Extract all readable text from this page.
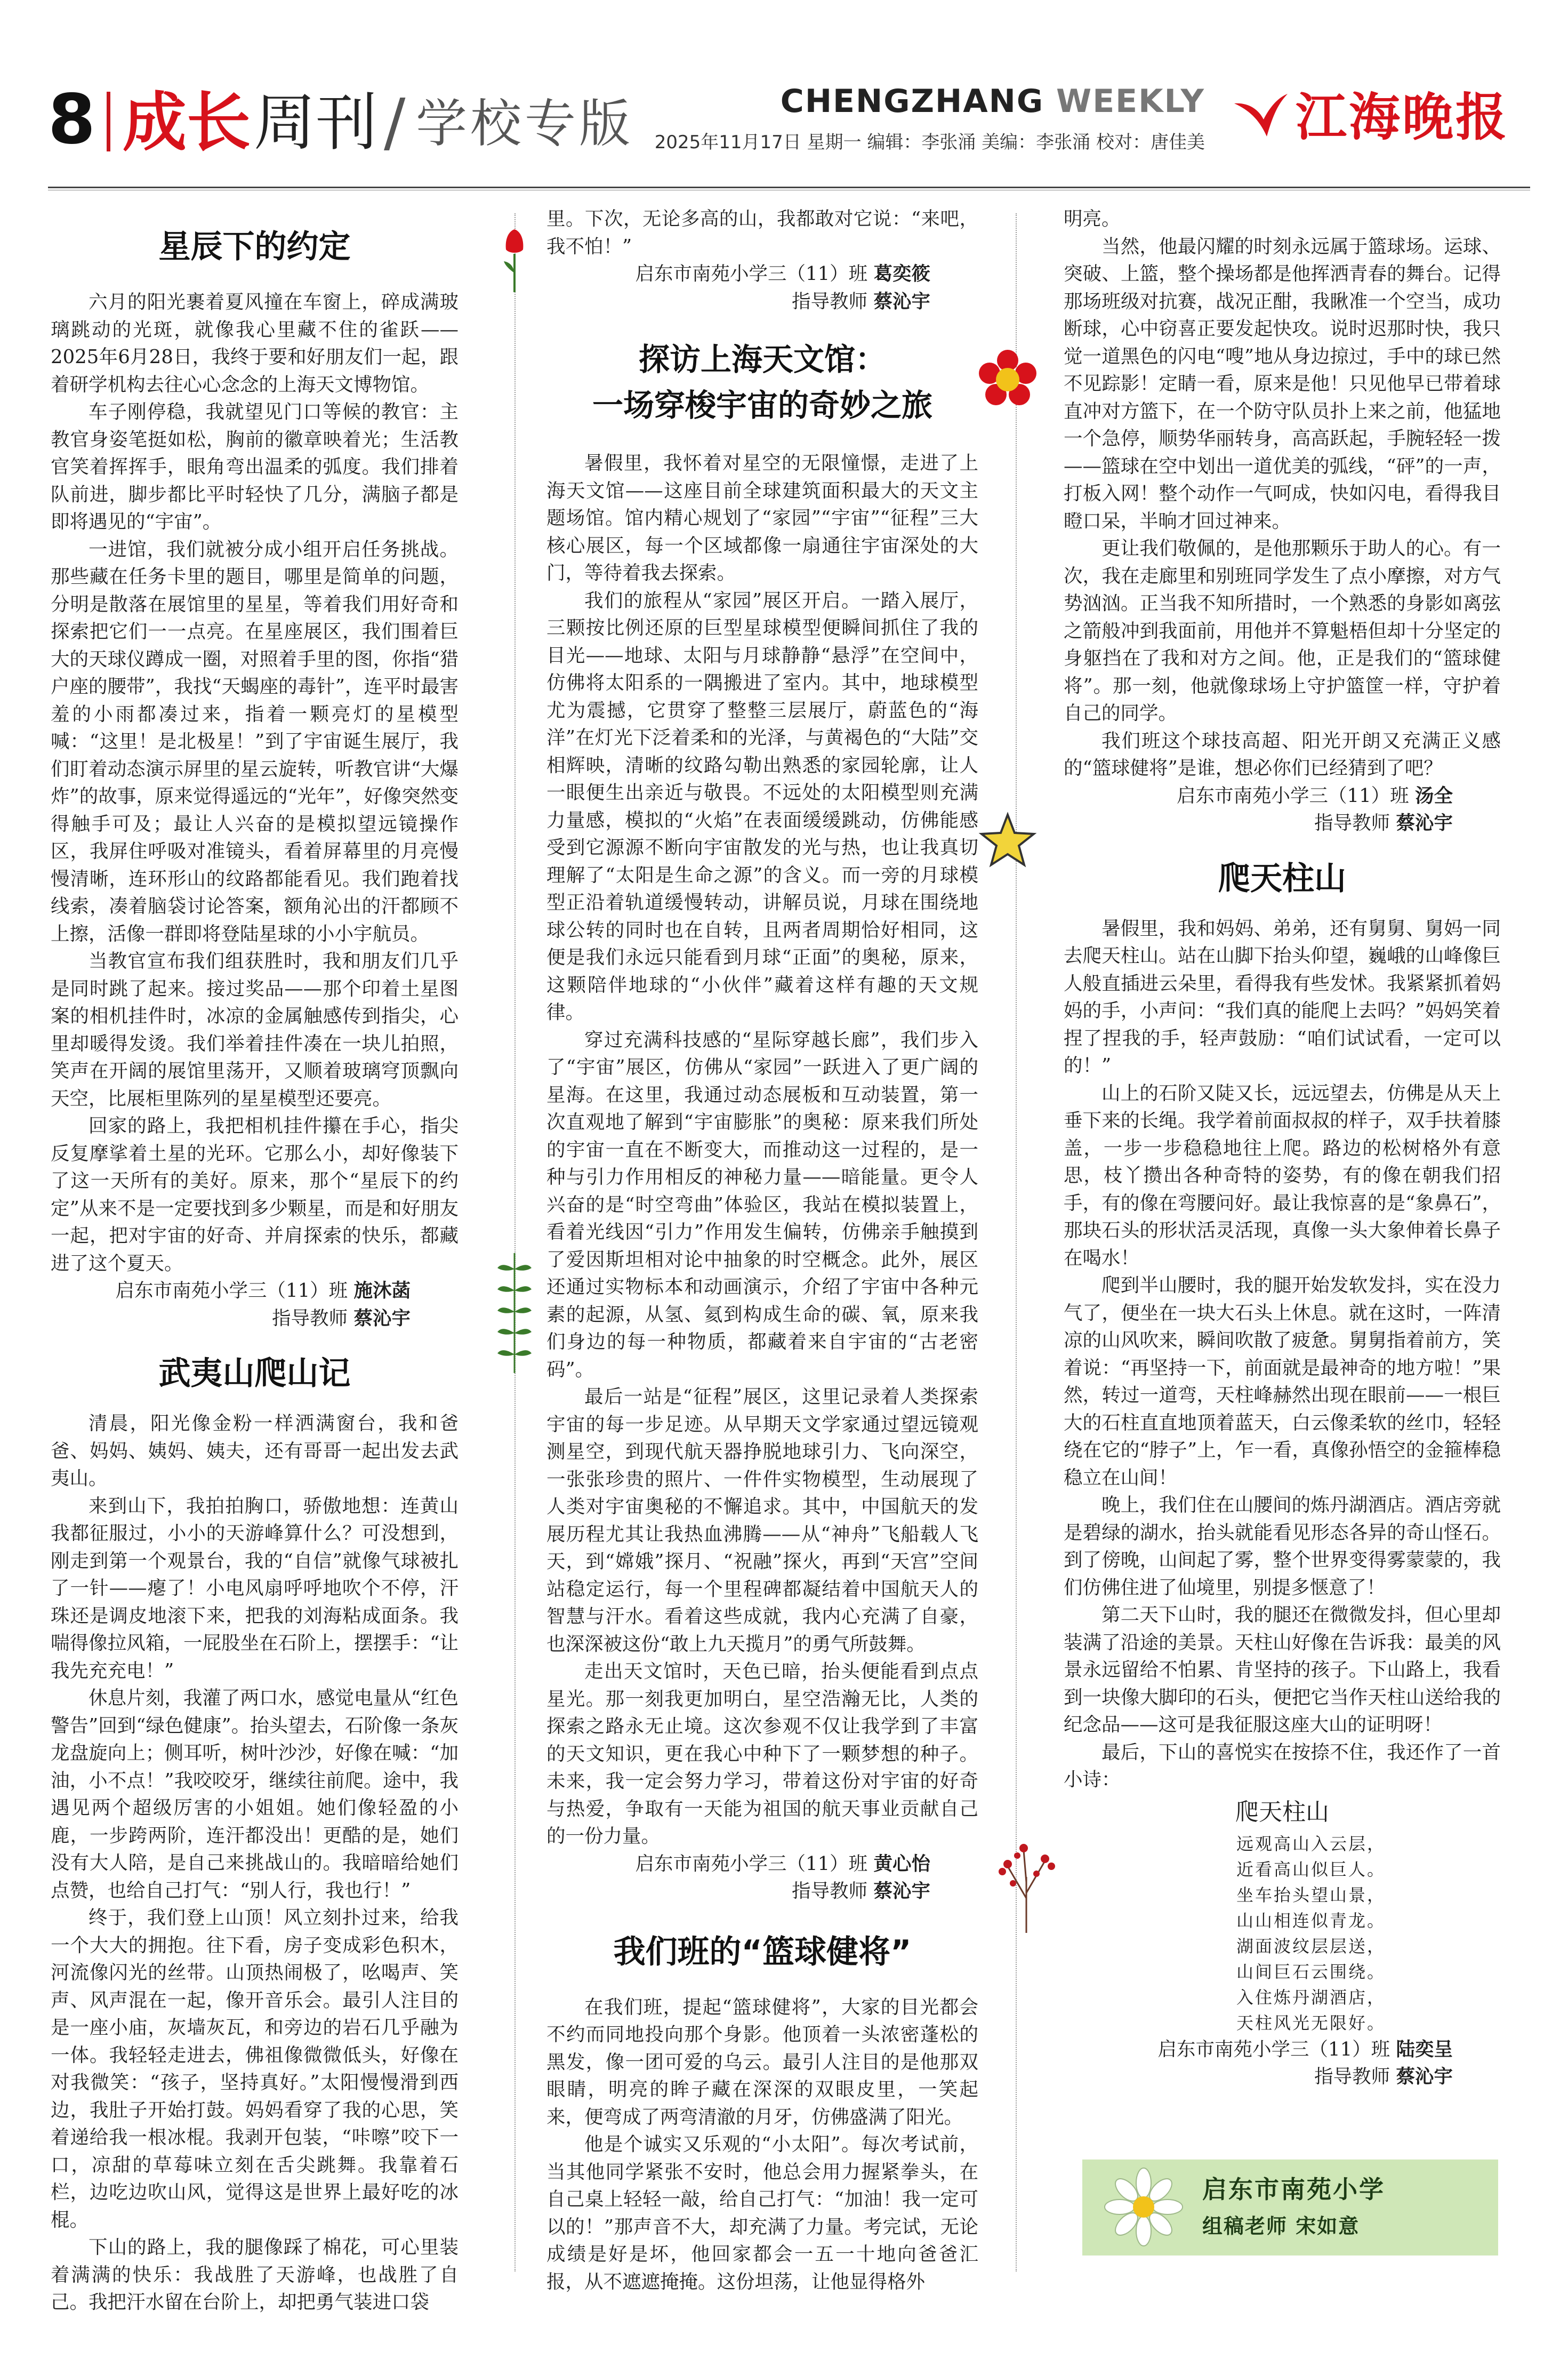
8 成长 周刊 / 学校专版	CHENGZHANG WEEKLY
2025年11月17日 星期一 编辑：李张涌 美编：李张涌 校对：唐佳美 江海晚报
星辰下的约定

六月的阳光裹着夏风撞在车窗上，碎成满玻璃跳动的光斑，就像我心里藏不住的雀跃——2025年6月28日，我终于要和好朋友们一起，跟着研学机构去往心心念念的上海天文博物馆。

车子刚停稳，我就望见门口等候的教官：主教官身姿笔挺如松，胸前的徽章映着光；生活教官笑着挥挥手，眼角弯出温柔的弧度。我们排着队前进，脚步都比平时轻快了几分，满脑子都是即将遇见的“宇宙”。

一进馆，我们就被分成小组开启任务挑战。那些藏在任务卡里的题目，哪里是简单的问题，分明是散落在展馆里的星星，等着我们用好奇和探索把它们一一点亮。在星座展区，我们围着巨大的天球仪蹲成一圈，对照着手里的图，你指“猎户座的腰带”，我找“天蝎座的毒针”，连平时最害羞的小雨都凑过来，指着一颗亮灯的星模型喊：“这里！是北极星！”到了宇宙诞生展厅，我们盯着动态演示屏里的星云旋转，听教官讲“大爆炸”的故事，原来觉得遥远的“光年”，好像突然变得触手可及；最让人兴奋的是模拟望远镜操作区，我屏住呼吸对准镜头，看着屏幕里的月亮慢慢清晰，连环形山的纹路都能看见。我们跑着找线索，凑着脑袋讨论答案，额角沁出的汗都顾不上擦，活像一群即将登陆星球的小小宇航员。

当教官宣布我们组获胜时，我和朋友们几乎是同时跳了起来。接过奖品——那个印着土星图案的相机挂件时，冰凉的金属触感传到指尖，心里却暖得发烫。我们举着挂件凑在一块儿拍照，笑声在开阔的展馆里荡开，又顺着玻璃穹顶飘向天空，比展柜里陈列的星星模型还要亮。

回家的路上，我把相机挂件攥在手心，指尖反复摩挲着土星的光环。它那么小，却好像装下了这一天所有的美好。原来，那个“星辰下的约定”从来不是一定要找到多少颗星，而是和好朋友一起，把对宇宙的好奇、并肩探索的快乐，都藏进了这个夏天。

启东市南苑小学三（11）班 施沐菡
指导教师 蔡沁宇
武夷山爬山记

清晨，阳光像金粉一样洒满窗台，我和爸爸、妈妈、姨妈、姨夫，还有哥哥一起出发去武夷山。

来到山下，我拍拍胸口，骄傲地想：连黄山我都征服过，小小的天游峰算什么？可没想到，刚走到第一个观景台，我的“自信”就像气球被扎了一针——瘪了！小电风扇呼呼地吹个不停，汗珠还是调皮地滚下来，把我的刘海粘成面条。我喘得像拉风箱，一屁股坐在石阶上，摆摆手：“让我先充充电！”

休息片刻，我灌了两口水，感觉电量从“红色警告”回到“绿色健康”。抬头望去，石阶像一条灰龙盘旋向上；侧耳听，树叶沙沙，好像在喊：“加油，小不点！”我咬咬牙，继续往前爬。途中，我遇见两个超级厉害的小姐姐。她们像轻盈的小鹿，一步跨两阶，连汗都没出！更酷的是，她们没有大人陪，是自己来挑战山的。我暗暗给她们点赞，也给自己打气：“别人行，我也行！”

终于，我们登上山顶！风立刻扑过来，给我一个大大的拥抱。往下看，房子变成彩色积木，河流像闪光的丝带。山顶热闹极了，吆喝声、笑声、风声混在一起，像开音乐会。最引人注目的是一座小庙，灰墙灰瓦，和旁边的岩石几乎融为一体。我轻轻走进去，佛祖像微微低头，好像在对我微笑：“孩子，坚持真好。”太阳慢慢滑到西边，我肚子开始打鼓。妈妈看穿了我的心思，笑着递给我一根冰棍。我剥开包装，“咔嚓”咬下一口，凉甜的草莓味立刻在舌尖跳舞。我靠着石栏，边吃边吹山风，觉得这是世界上最好吃的冰棍。

下山的路上，我的腿像踩了棉花，可心里装着满满的快乐：我战胜了天游峰，也战胜了自己。我把汗水留在台阶上，却把勇气装进口袋

里。下次，无论多高的山，我都敢对它说：“来吧，我不怕！”

启东市南苑小学三（11）班 葛奕筱
指导教师 蔡沁宇
探访上海天文馆：
一场穿梭宇宙的奇妙之旅

暑假里，我怀着对星空的无限憧憬，走进了上海天文馆——这座目前全球建筑面积最大的天文主题场馆。馆内精心规划了“家园”“宇宙”“征程”三大核心展区，每一个区域都像一扇通往宇宙深处的大门，等待着我去探索。

我们的旅程从“家园”展区开启。一踏入展厅，三颗按比例还原的巨型星球模型便瞬间抓住了我的目光——地球、太阳与月球静静“悬浮”在空间中，仿佛将太阳系的一隅搬进了室内。其中，地球模型尤为震撼，它贯穿了整整三层展厅，蔚蓝色的“海洋”在灯光下泛着柔和的光泽，与黄褐色的“大陆”交相辉映，清晰的纹路勾勒出熟悉的家园轮廓，让人一眼便生出亲近与敬畏。不远处的太阳模型则充满力量感，模拟的“火焰”在表面缓缓跳动，仿佛能感受到它源源不断向宇宙散发的光与热，也让我真切理解了“太阳是生命之源”的含义。而一旁的月球模型正沿着轨道缓慢转动，讲解员说，月球在围绕地球公转的同时也在自转，且两者周期恰好相同，这便是我们永远只能看到月球“正面”的奥秘，原来，这颗陪伴地球的“小伙伴”藏着这样有趣的天文规律。

穿过充满科技感的“星际穿越长廊”，我们步入了“宇宙”展区，仿佛从“家园”一跃进入了更广阔的星海。在这里，我通过动态展板和互动装置，第一次直观地了解到“宇宙膨胀”的奥秘：原来我们所处的宇宙一直在不断变大，而推动这一过程的，是一种与引力作用相反的神秘力量——暗能量。更令人兴奋的是“时空弯曲”体验区，我站在模拟装置上，看着光线因“引力”作用发生偏转，仿佛亲手触摸到了爱因斯坦相对论中抽象的时空概念。此外，展区还通过实物标本和动画演示，介绍了宇宙中各种元素的起源，从氢、氦到构成生命的碳、氧，原来我们身边的每一种物质，都藏着来自宇宙的“古老密码”。

最后一站是“征程”展区，这里记录着人类探索宇宙的每一步足迹。从早期天文学家通过望远镜观测星空，到现代航天器挣脱地球引力、飞向深空，一张张珍贵的照片、一件件实物模型，生动展现了人类对宇宙奥秘的不懈追求。其中，中国航天的发展历程尤其让我热血沸腾——从“神舟”飞船载人飞天，到“嫦娥”探月、“祝融”探火，再到“天宫”空间站稳定运行，每一个里程碑都凝结着中国航天人的智慧与汗水。看着这些成就，我内心充满了自豪，也深深被这份“敢上九天揽月”的勇气所鼓舞。

走出天文馆时，天色已暗，抬头便能看到点点星光。那一刻我更加明白，星空浩瀚无比，人类的探索之路永无止境。这次参观不仅让我学到了丰富的天文知识，更在我心中种下了一颗梦想的种子。未来，我一定会努力学习，带着这份对宇宙的好奇与热爱，争取有一天能为祖国的航天事业贡献自己的一份力量。

启东市南苑小学三（11）班 黄心怡
指导教师 蔡沁宇
我们班的“篮球健将”

在我们班，提起“篮球健将”，大家的目光都会不约而同地投向那个身影。他顶着一头浓密蓬松的黑发，像一团可爱的乌云。最引人注目的是他那双眼睛，明亮的眸子藏在深深的双眼皮里，一笑起来，便弯成了两弯清澈的月牙，仿佛盛满了阳光。

他是个诚实又乐观的“小太阳”。每次考试前，当其他同学紧张不安时，他总会用力握紧拳头，在自己桌上轻轻一敲，给自己打气：“加油！我一定可以的！”那声音不大，却充满了力量。考完试，无论成绩是好是坏，他回家都会一五一十地向爸爸汇报，从不遮遮掩掩。这份坦荡，让他显得格外

明亮。

当然，他最闪耀的时刻永远属于篮球场。运球、突破、上篮，整个操场都是他挥洒青春的舞台。记得那场班级对抗赛，战况正酣，我瞅准一个空当，成功断球，心中窃喜正要发起快攻。说时迟那时快，我只觉一道黑色的闪电“嗖”地从身边掠过，手中的球已然不见踪影！定睛一看，原来是他！只见他早已带着球直冲对方篮下，在一个防守队员扑上来之前，他猛地一个急停，顺势华丽转身，高高跃起，手腕轻轻一拨——篮球在空中划出一道优美的弧线，“砰”的一声，打板入网！整个动作一气呵成，快如闪电，看得我目瞪口呆，半晌才回过神来。

更让我们敬佩的，是他那颗乐于助人的心。有一次，我在走廊里和别班同学发生了点小摩擦，对方气势汹汹。正当我不知所措时，一个熟悉的身影如离弦之箭般冲到我面前，用他并不算魁梧但却十分坚定的身躯挡在了我和对方之间。他，正是我们的“篮球健将”。那一刻，他就像球场上守护篮筐一样，守护着自己的同学。

我们班这个球技高超、阳光开朗又充满正义感的“篮球健将”是谁，想必你们已经猜到了吧？

启东市南苑小学三（11）班 汤全
指导教师 蔡沁宇
爬天柱山

暑假里，我和妈妈、弟弟，还有舅舅、舅妈一同去爬天柱山。站在山脚下抬头仰望，巍峨的山峰像巨人般直插进云朵里，看得我有些发怵。我紧紧抓着妈妈的手，小声问：“我们真的能爬上去吗？”妈妈笑着捏了捏我的手，轻声鼓励：“咱们试试看，一定可以的！”

山上的石阶又陡又长，远远望去，仿佛是从天上垂下来的长绳。我学着前面叔叔的样子，双手扶着膝盖，一步一步稳稳地往上爬。路边的松树格外有意思，枝丫攒出各种奇特的姿势，有的像在朝我们招手，有的像在弯腰问好。最让我惊喜的是“象鼻石”，那块石头的形状活灵活现，真像一头大象伸着长鼻子在喝水！

爬到半山腰时，我的腿开始发软发抖，实在没力气了，便坐在一块大石头上休息。就在这时，一阵清凉的山风吹来，瞬间吹散了疲惫。舅舅指着前方，笑着说：“再坚持一下，前面就是最神奇的地方啦！”果然，转过一道弯，天柱峰赫然出现在眼前——一根巨大的石柱直直地顶着蓝天，白云像柔软的丝巾，轻轻绕在它的“脖子”上，乍一看，真像孙悟空的金箍棒稳稳立在山间！

晚上，我们住在山腰间的炼丹湖酒店。酒店旁就是碧绿的湖水，抬头就能看见形态各异的奇山怪石。到了傍晚，山间起了雾，整个世界变得雾蒙蒙的，我们仿佛住进了仙境里，别提多惬意了！

第二天下山时，我的腿还在微微发抖，但心里却装满了沿途的美景。天柱山好像在告诉我：最美的风景永远留给不怕累、肯坚持的孩子。下山路上，我看到一块像大脚印的石头，便把它当作天柱山送给我的纪念品——这可是我征服这座大山的证明呀！

最后，下山的喜悦实在按捺不住，我还作了一首小诗：

爬天柱山

远观高山入云层，

近看高山似巨人。

坐车抬头望山景，

山山相连似青龙。

湖面波纹层层送，

山间巨石云围绕。

入住炼丹湖酒店，

天柱风光无限好。

启东市南苑小学三（11）班 陆奕呈
指导教师 蔡沁宇
启东市南苑小学
组稿老师 宋如意
